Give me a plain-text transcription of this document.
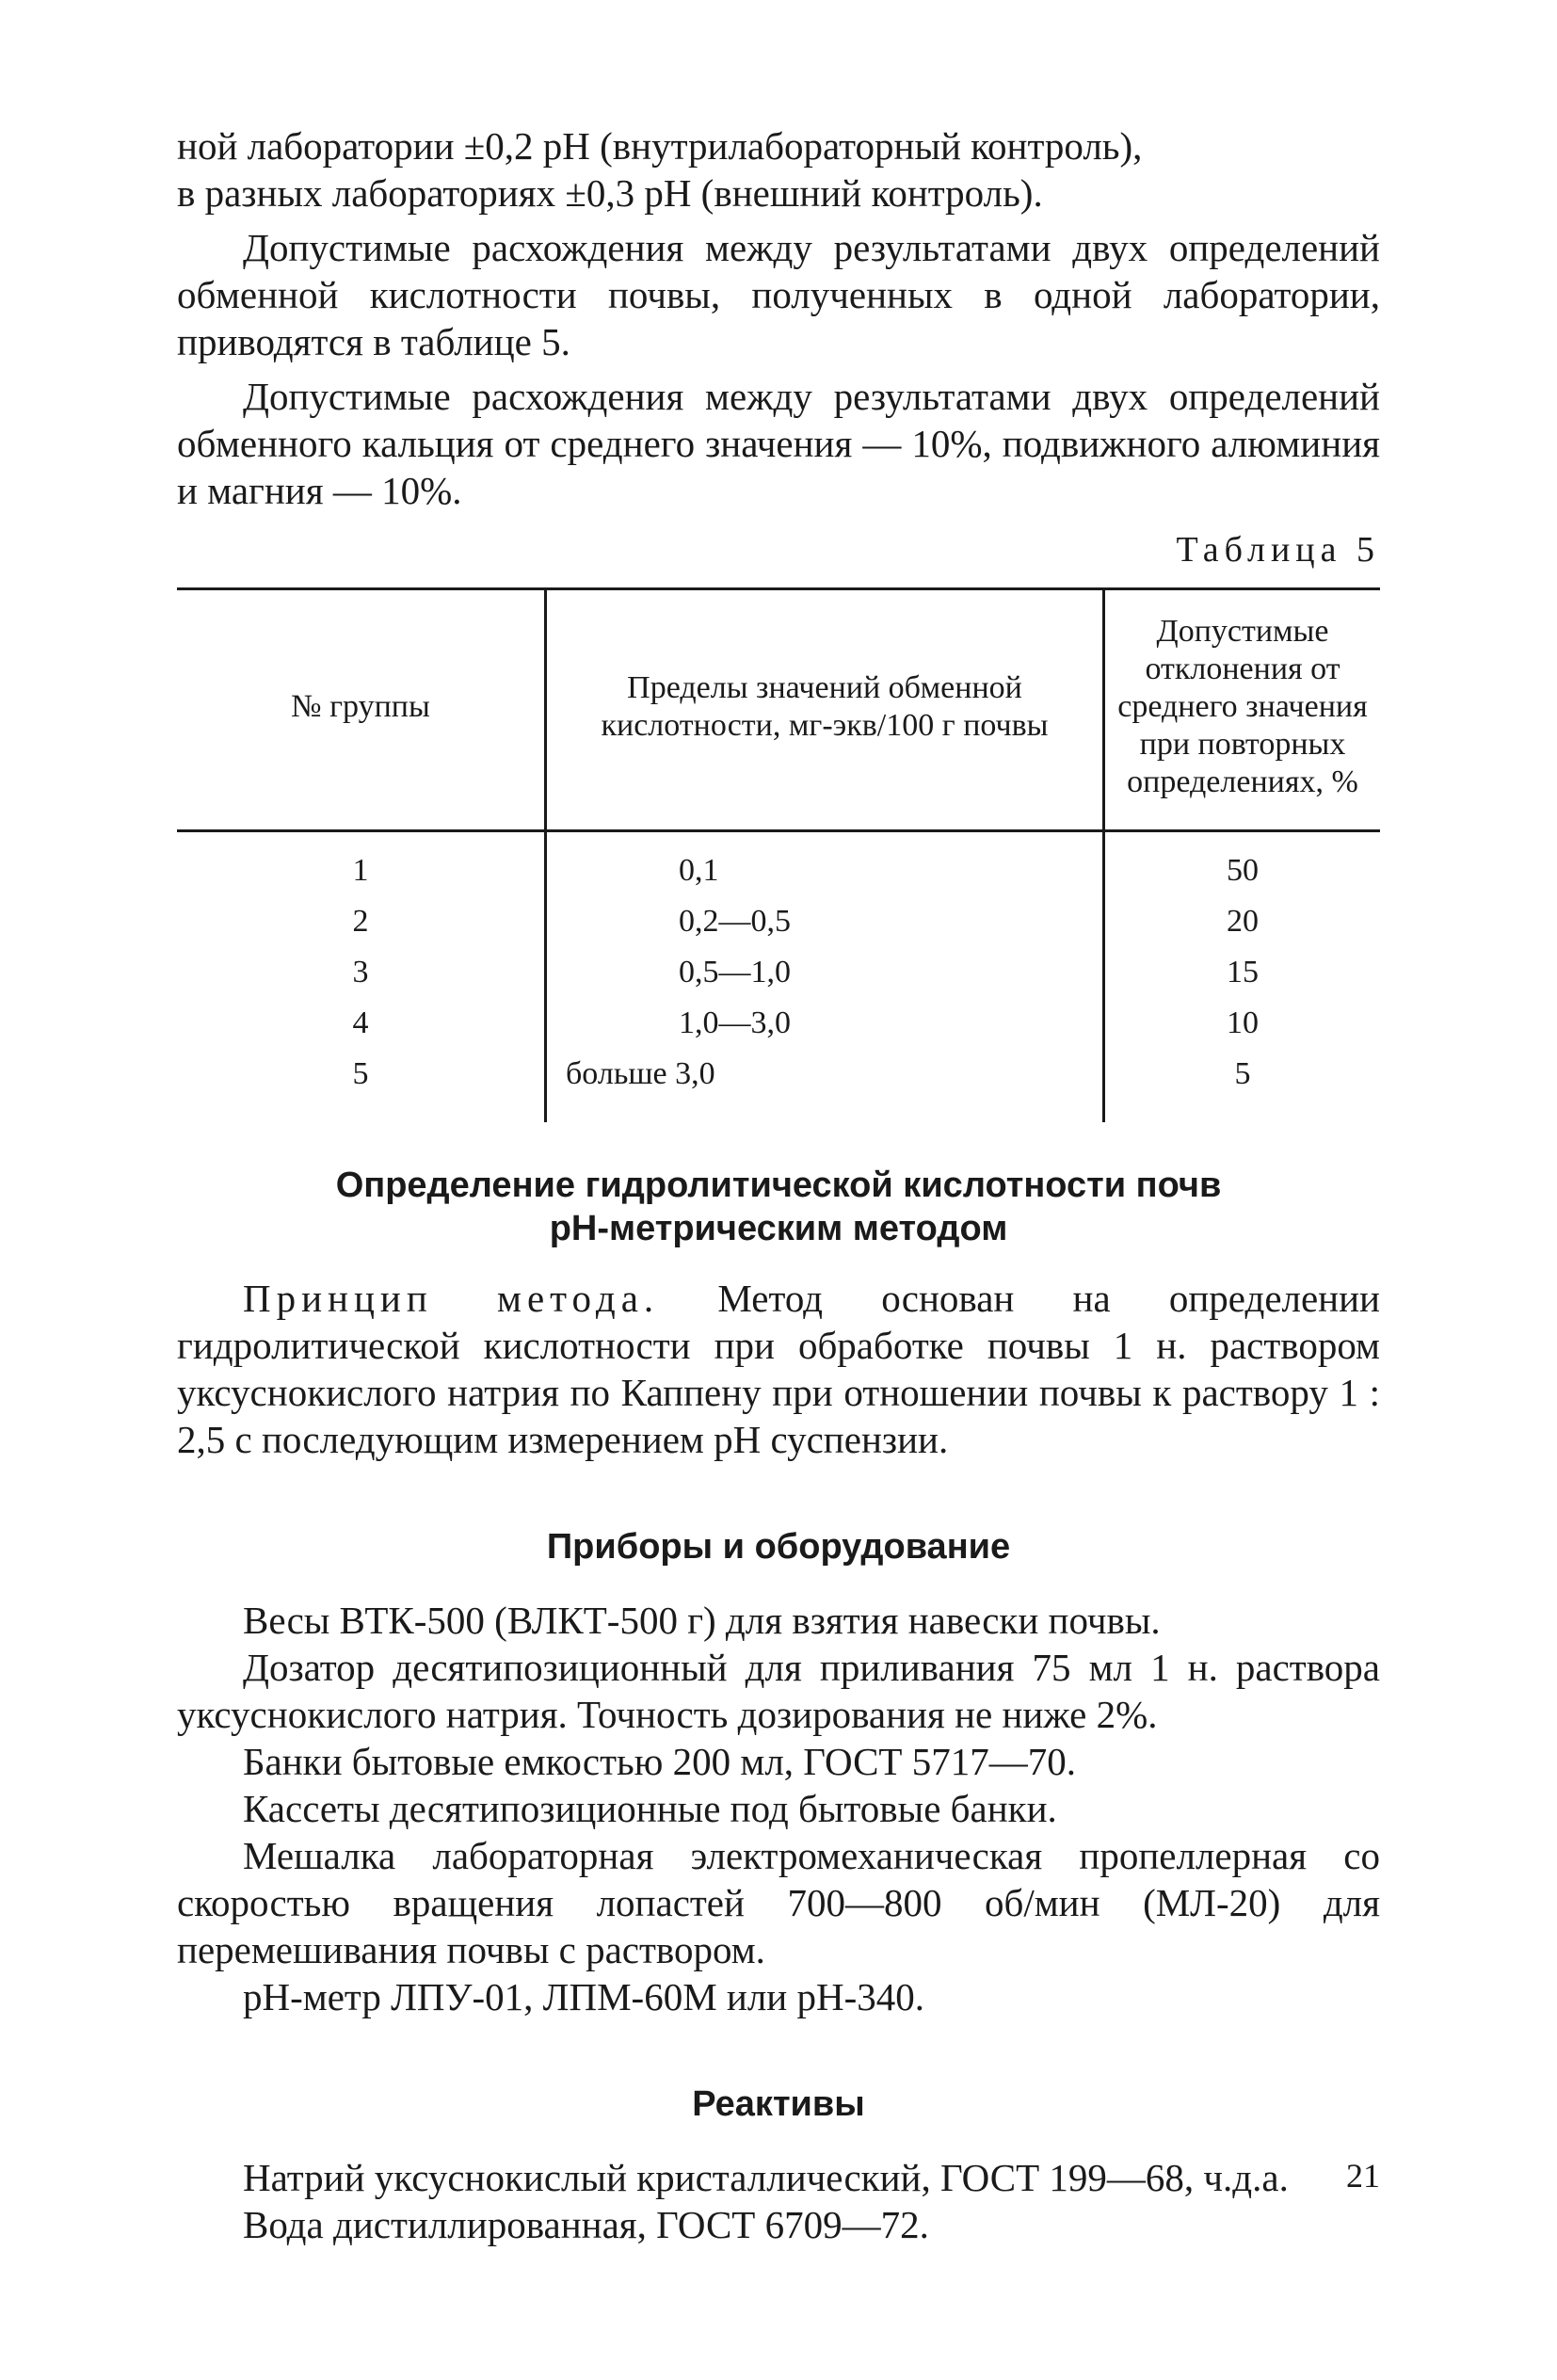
ной лаборатории ±0,2 pH (внутрилабораторный контроль),

в разных лабораториях ±0,3 pH (внешний контроль).

Допустимые расхождения между результатами двух определений обменной кислотности почвы, полученных в одной лаборатории, приводятся в таблице 5.

Допустимые расхождения между результатами двух определений обменного кальция от среднего значения — 10%, подвижного алюминия и магния — 10%.

Таблица 5
№ группы	Пределы значений обменной кислотности, мг-экв/100 г почвы	Допустимые отклонения от среднего значения при повторных определениях, %
1	0,1	50
2	0,2—0,5	20
3	0,5—1,0	15
4	1,0—3,0	10
5	больше 3,0	5
Определение гидролитической кислотности почв
pH-метрическим методом

Принцип метода. Метод основан на определении гидролитической кислотности при обработке почвы 1 н. раствором уксуснокислого натрия по Каппену при отношении почвы к раствору 1 : 2,5 с последующим измерением pH суспензии.

Приборы и оборудование

Весы ВТК-500 (ВЛКТ-500 г) для взятия навески почвы.

Дозатор десятипозиционный для приливания 75 мл 1 н. раствора уксуснокислого натрия. Точность дозирования не ниже 2%.

Банки бытовые емкостью 200 мл, ГОСТ 5717—70.

Кассеты десятипозиционные под бытовые банки.

Мешалка лабораторная электромеханическая пропеллерная со скоростью вращения лопастей 700—800 об/мин (МЛ-20) для перемешивания почвы с раствором.

pH-метр ЛПУ-01, ЛПМ-60М или pH-340.

Реактивы

Натрий уксуснокислый кристаллический, ГОСТ 199—68, ч.д.а.

Вода дистиллированная, ГОСТ 6709—72.

21
